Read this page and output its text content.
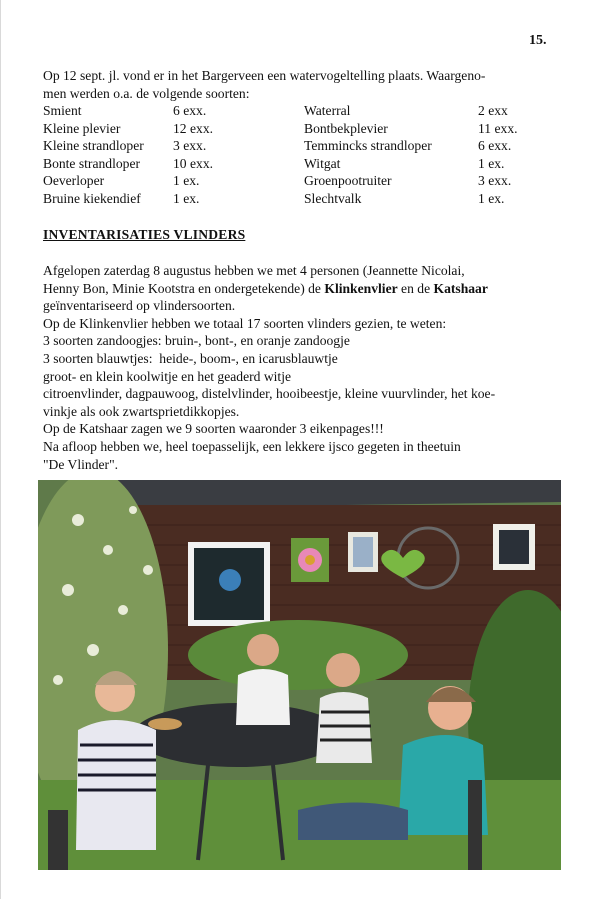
15.
Op 12 sept. jl. vond er in het Bargerveen een watervogeltelling plaats. Waargeno-
men werden o.a. de volgende soorten:
Smient	6 exx.	Waterral	2 exx
Kleine plevier	12 exx.	Bontbekplevier	11 exx.
Kleine strandloper	3 exx.	Temmincks strandloper	6 exx.
Bonte strandloper	10 exx.	Witgat	1 ex.
Oeverloper	1 ex.	Groenpootruiter	3 exx.
Bruine kiekendief	1 ex.	Slechtvalk	1 ex.
INVENTARISATIES VLINDERS

Afgelopen zaterdag 8 augustus hebben we met 4 personen (Jeannette Nicolai,

Henny Bon, Minie Kootstra en ondergetekende) de Klinkenvlier en de Katshaar

geïnventariseerd op vlindersoorten.

Op de Klinkenvlier hebben we totaal 17 soorten vlinders gezien, te weten:

3 soorten zandoogjes: bruin-, bont-, en oranje zandoogje

3 soorten blauwtjes:  heide-, boom-, en icarusblauwtje

groot- en klein koolwitje en het geaderd witje

citroenvlinder, dagpauwoog, distelvlinder, hooibeestje, kleine vuurvlinder, het koe-

vinkje als ook zwartsprietdikkopjes.

Op de Katshaar zagen we 9 soorten waaronder 3 eikenpages!!!

Na afloop hebben we, heel toepasselijk, een lekkere ijsco gegeten in theetuin

"De Vlinder".
